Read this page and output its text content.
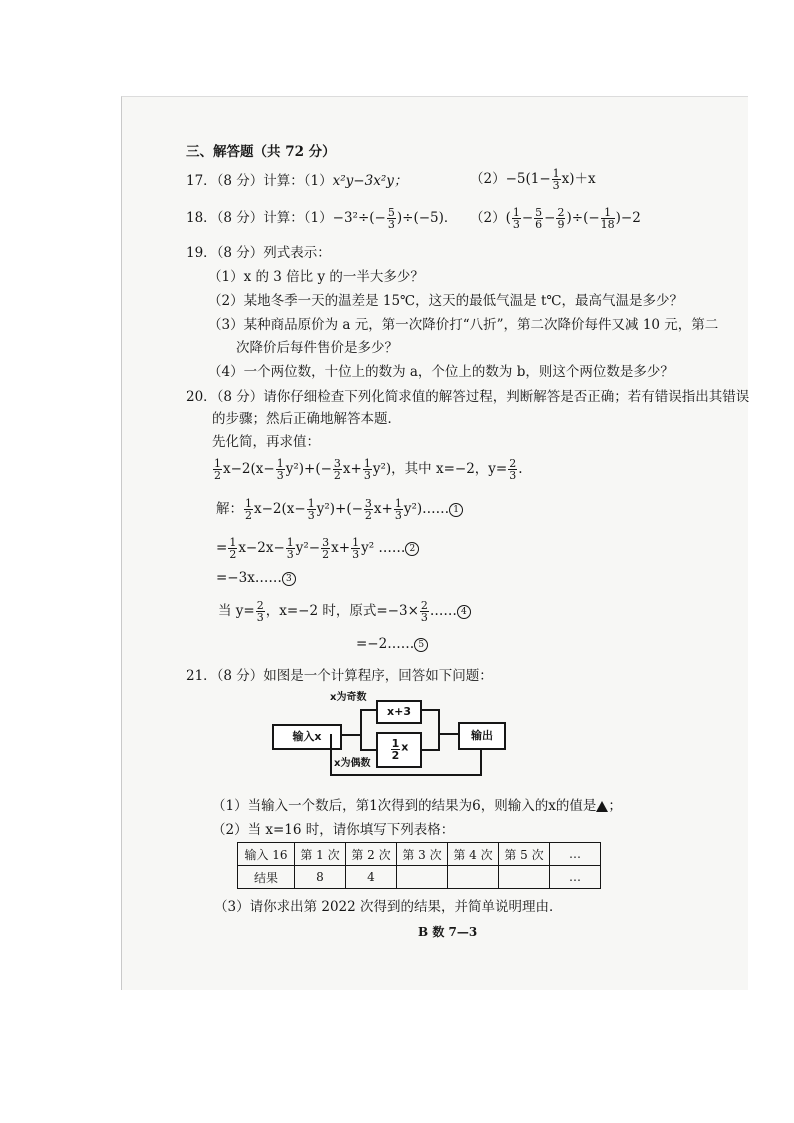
三、解答题（共 72 分）
17．（8 分）计算：（1）x²y−3x²y；	$(2)-5(1- \frac{1}{3} x)+x$
18．（8 分）计算：$(1)-3^2\div(- \frac{5}{3} )\div(-5)$． $(2)( \frac{1}{3} - \frac{5}{6} - \frac{2}{9}$ )÷(− $\frac{1}{18} )-2$
19．（8 分）列式表示：
（1）x 的 3 倍比 y 的一半大多少？
（2）某地冬季一天的温差是 15℃，这天的最低气温是 t℃，最高气温是多少？
（3）某种商品原价为 a 元，第一次降价打“八折”，第二次降价每件又减 10 元，第二
次降价后每件售价是多少？
（4）一个两位数，十位上的数为 a，个位上的数为 b，则这个两位数是多少？
20．（8 分）请你仔细检查下列化简求值的解答过程，判断解答是否正确；若有错误指出其错误
的步骤；然后正确地解答本题．
先化简，再求值：
$\frac{1}{2} x-2(x- \frac{1}{3} y^2)+(- \frac{3}{2} x+ \frac{1}{3} y^2)$，其中 x=−2，$y= \frac{2}{3}$ .
解： $\frac{1}{2} x-2(x- \frac{1}{3} y^2)+(- \frac{3}{2} x+ \frac{1}{3}$ y²)…… 1
= $\frac{1}{2} x-2x- \frac{1}{3} y^2- \frac{3}{2} x+ \frac{1}{3} y^2$ …… 2
=−3x…… 3
当 $y= \frac{2}{3}$ ，x=−2 时，原式$=-3\times \frac{2}{3}$ …… 4
=−2…… 5
21．（8 分）如图是一个计算程序，回答如下问题：
输入x
x+3
$\frac{1}{2}$ x
输出
x为奇数
x为偶数
（1）当输入一个数后，第1次得到的结果为6，则输入的x的值是 ；
（2）当 x=16 时，请你填写下列表格：
输入 16	第 1 次	第 2 次	第 3 次	第 4 次	第 5 次	…
结果	8	4				…
（3）请你求出第 2022 次得到的结果，并简单说明理由．
B 数 7—3
